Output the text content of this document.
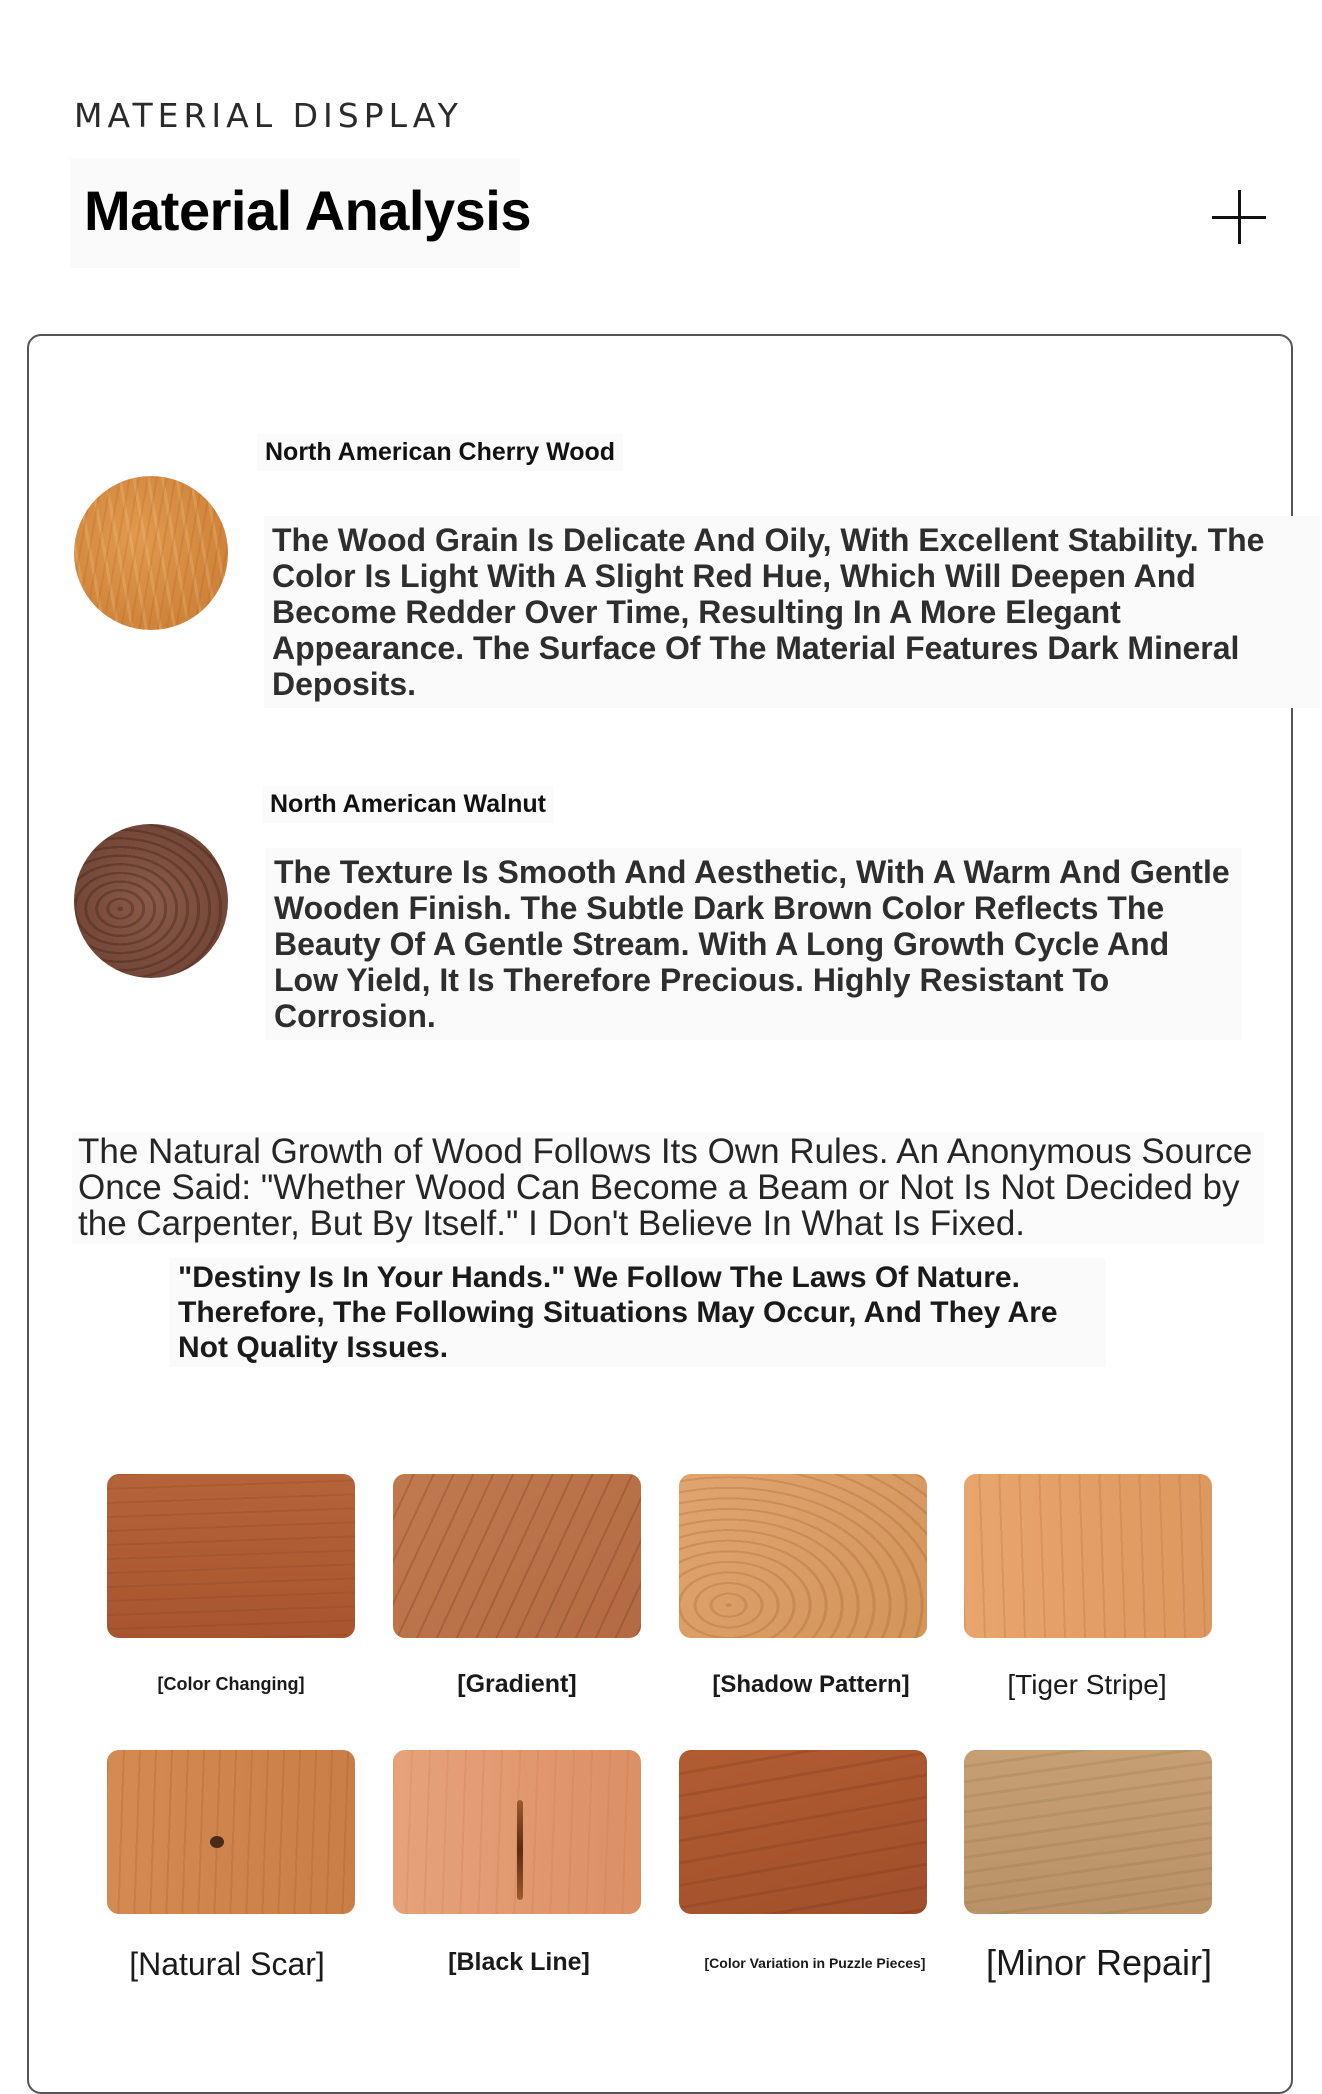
MATERIAL DISPLAY
Material Analysis
North American Cherry Wood
The Wood Grain Is Delicate And Oily, With Excellent Stability. The Color Is Light With A Slight Red Hue, Which Will Deepen And Become Redder Over Time, Resulting In A More Elegant Appearance. The Surface Of The Material Features Dark Mineral Deposits.
North American Walnut
The Texture Is Smooth And Aesthetic, With A Warm And Gentle Wooden Finish. The Subtle Dark Brown Color Reflects The Beauty Of A Gentle Stream. With A Long Growth Cycle And Low Yield, It Is Therefore Precious. Highly Resistant To Corrosion.
The Natural Growth of Wood Follows Its Own Rules. An Anonymous Source Once Said: "Whether Wood Can Become a Beam or Not Is Not Decided by the Carpenter, But By Itself." I Don't Believe In What Is Fixed.
"Destiny Is In Your Hands." We Follow The Laws Of Nature. Therefore, The Following Situations May Occur, And They Are Not Quality Issues.
[Color Changing]	[Gradient]	[Shadow Pattern]	[Tiger Stripe]
[Natural Scar]	[Black Line]	[Color Variation in Puzzle Pieces]	[Minor Repair]
